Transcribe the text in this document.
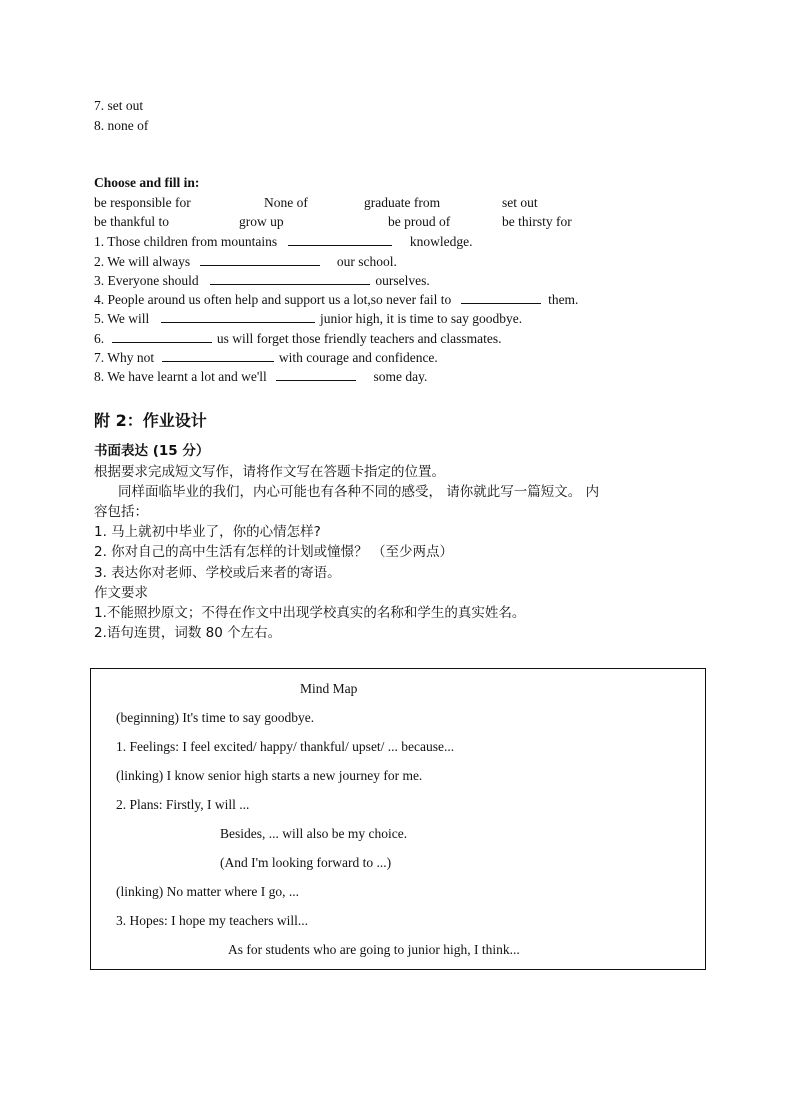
7. set out
8. none of
Choose and fill in:
be responsible for	None of	graduate from	set out
be thankful to	grow up	be proud of	be thirsty for
1. Those children from mountains	knowledge.
2. We will always	our school.
3. Everyone should	ourselves.
4. People around us often help and support us a lot,so never fail to	them.
5. We will	junior high, it is time to say goodbye.
6.	us will forget those friendly teachers and classmates.
7. Why not	with courage and confidence.
8. We have learnt a lot and we'll	some day.
附 2：作业设计
书面表达 (15 分）
根据要求完成短文写作，请将作文写在答题卡指定的位置。
同样面临毕业的我们，内心可能也有各种不同的感受， 请你就此写一篇短文。 内
容包括：
1. 马上就初中毕业了，你的心情怎样?
2. 你对自己的高中生活有怎样的计划或憧憬？ （至少两点）
3. 表达你对老师、学校或后来者的寄语。
作文要求
1.不能照抄原文；不得在作文中出现学校真实的名称和学生的真实姓名。
2.语句连贯，词数 80 个左右。
Mind Map
(beginning) It's time to say goodbye.
1. Feelings: I feel excited/ happy/ thankful/ upset/ ... because...
(linking) I know senior high starts a new journey for me.
2. Plans: Firstly, I will ...
Besides, ... will also be my choice.
(And I'm looking forward to ...)
(linking) No matter where I go, ...
3. Hopes: I hope my teachers will...
As for students who are going to junior high, I think...
